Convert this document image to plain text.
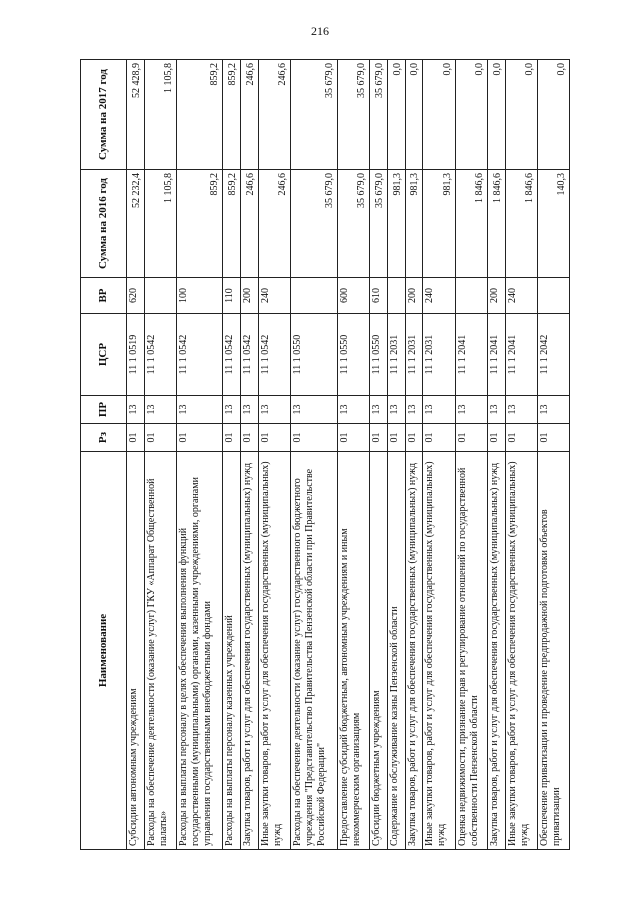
216
Наименование	Рз	ПР	ЦСР	ВР	Сумма на 2016 год	Сумма на 2017 год
Субсидии автономным учреждениям	01	13	11 1 0519	620	52 232,4	52 428,9
Расходы на обеспечение деятельности (оказание услуг) ГКУ «Аппарат Общественной палаты»	01	13	11 1 0542		1 105,8	1 105,8
Расходы на выплаты персоналу в целях обеспечения выполнения функций государственными (муниципальными) органами, казенными учреждениями, органами управления государственными внебюджетными фондами	01	13	11 1 0542	100	859,2	859,2
Расходы на выплаты персоналу казенных учреждений	01	13	11 1 0542	110	859,2	859,2
Закупка товаров, работ и услуг для обеспечения государственных (муниципальных) нужд	01	13	11 1 0542	200	246,6	246,6
Иные закупки товаров, работ и услуг для обеспечения государственных (муниципальных) нужд	01	13	11 1 0542	240	246,6	246,6
Расходы на обеспечение деятельности (оказание услуг) государственного бюджетного учреждения "Представительство Правительства Пензенской области при Правительстве Российской Федерации"	01	13	11 1 0550		35 679,0	35 679,0
Предоставление субсидий бюджетным, автономным учреждениям и иным некоммерческим организациям	01	13	11 1 0550	600	35 679,0	35 679,0
Субсидии бюджетным учреждениям	01	13	11 1 0550	610	35 679,0	35 679,0
Содержание и обслуживание казны Пензенской области	01	13	11 1 2031		981,3	0,0
Закупка товаров, работ и услуг для обеспечения государственных (муниципальных) нужд	01	13	11 1 2031	200	981,3	0,0
Иные закупки товаров, работ и услуг для обеспечения государственных (муниципальных) нужд	01	13	11 1 2031	240	981,3	0,0
Оценка недвижимости, признание прав и регулирование отношений по государственной собственности Пензенской области	01	13	11 1 2041		1 846,6	0,0
Закупка товаров, работ и услуг для обеспечения государственных (муниципальных) нужд	01	13	11 1 2041	200	1 846,6	0,0
Иные закупки товаров, работ и услуг для обеспечения государственных (муниципальных) нужд	01	13	11 1 2041	240	1 846,6	0,0
Обеспечение приватизации и проведение предпродажной подготовки объектов приватизации	01	13	11 1 2042		140,3	0,0
